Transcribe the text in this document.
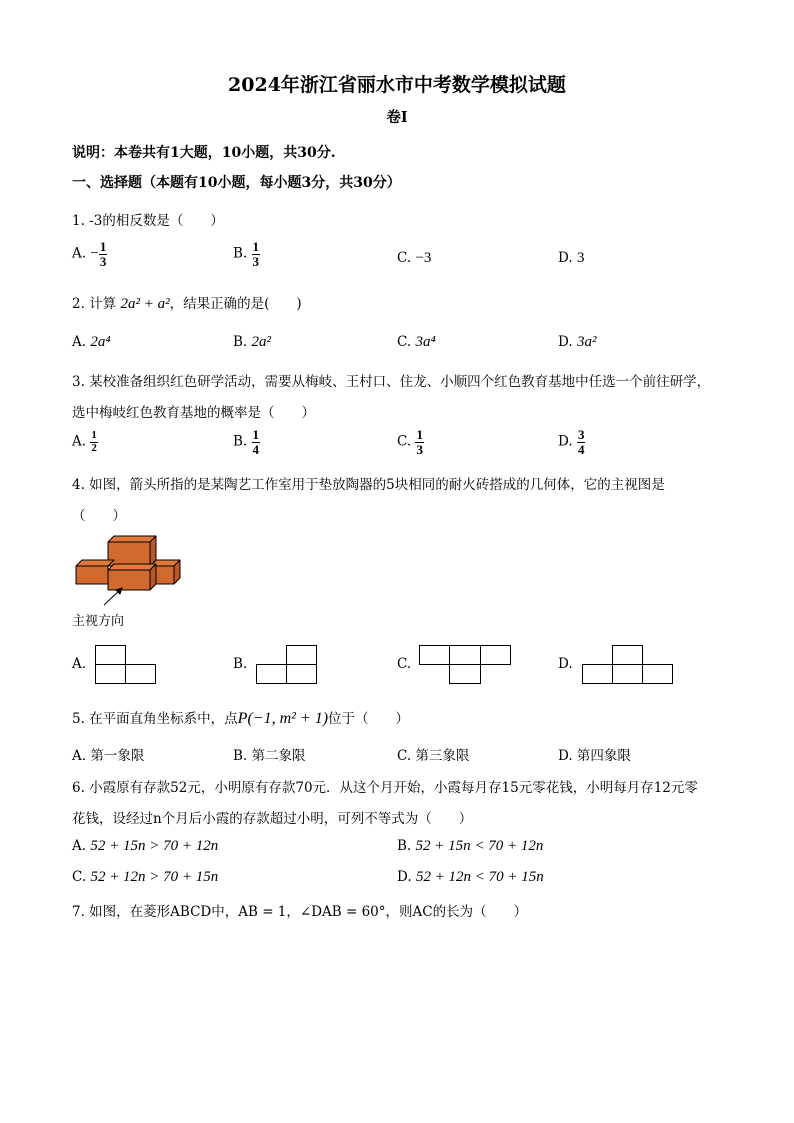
2024年浙江省丽水市中考数学模拟试题
卷Ⅰ
说明：本卷共有1大题，10小题，共30分.
一、选择题（本题有10小题，每小题3分，共30分）
1. -3的相反数是（　　）
A. − $\frac{1}{3}$	B. $\frac{1}{3}$	C. −3	D. 3
2. 计算 2a² + a²，结果正确的是(　　)
A. 2a⁴	B. 2a²	C. 3a⁴	D. 3a²
3. 某校准备组织红色研学活动，需要从梅岐、王村口、住龙、小顺四个红色教育基地中任选一个前往研学，
选中梅岐红色教育基地的概率是（　　）
A. $\frac{1}{2}$	B. $\frac{1}{4}$	C. $\frac{1}{3}$	D. $\frac{3}{4}$
4. 如图，箭头所指的是某陶艺工作室用于垫放陶器的5块相同的耐火砖搭成的几何体，它的主视图是
（　　）
主视方向
A.	B.	C.	D.
5. 在平面直角坐标系中，点P(−1, m² + 1)位于（　　）
A. 第一象限	B. 第二象限	C. 第三象限	D. 第四象限
6. 小霞原有存款52元，小明原有存款70元．从这个月开始，小霞每月存15元零花钱，小明每月存12元零
花钱，设经过n个月后小霞的存款超过小明，可列不等式为（　　）
A. 52 + 15n > 70 + 12n	B. 52 + 15n < 70 + 12n
C. 52 + 12n > 70 + 15n	D. 52 + 12n < 70 + 15n
7. 如图，在菱形ABCD中，AB = 1，∠DAB = 60°，则AC的长为（　　）
